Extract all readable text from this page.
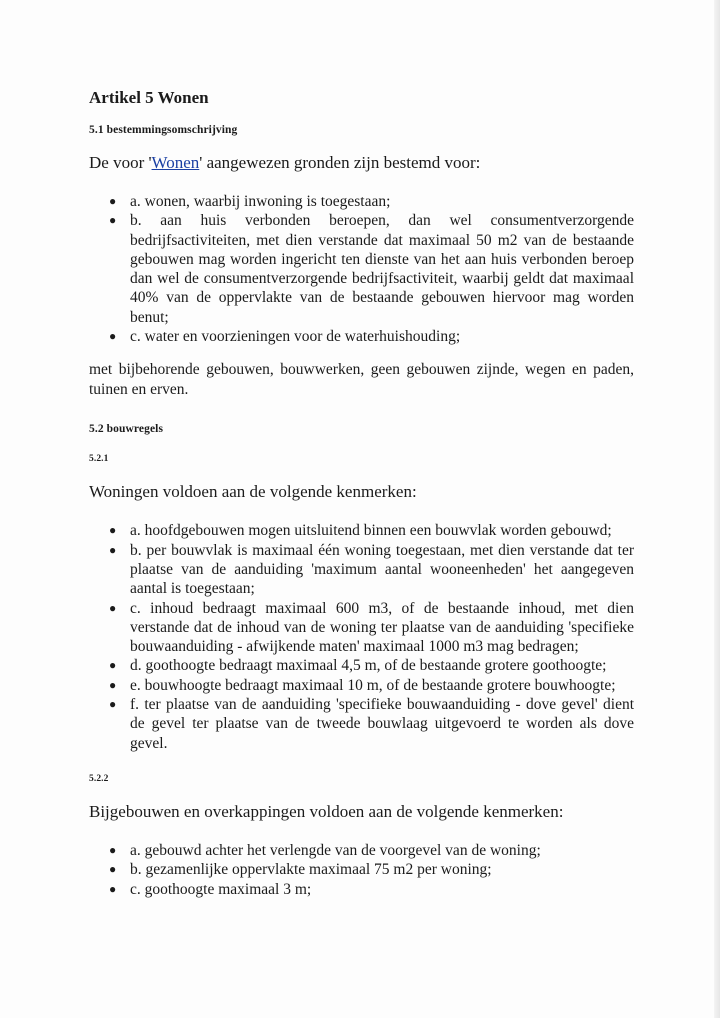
Artikel 5 Wonen
5.1 bestemmingsomschrijving
De voor 'Wonen' aangewezen gronden zijn bestemd voor:
● a. wonen, waarbij inwoning is toegestaan;
● b. aan huis verbonden beroepen, dan wel consumentverzorgende bedrijfsactiviteiten, met dien verstande dat maximaal 50 m2 van de bestaande gebouwen mag worden ingericht ten dienste van het aan huis verbonden beroep dan wel de consumentverzorgende bedrijfsactiviteit, waarbij geldt dat maximaal 40% van de oppervlakte van de bestaande gebouwen hiervoor mag worden benut;
● c. water en voorzieningen voor de waterhuishouding;
met bijbehorende gebouwen, bouwwerken, geen gebouwen zijnde, wegen en paden, tuinen en erven.
5.2 bouwregels
5.2.1
Woningen voldoen aan de volgende kenmerken:
● a. hoofdgebouwen mogen uitsluitend binnen een bouwvlak worden gebouwd;
● b. per bouwvlak is maximaal één woning toegestaan, met dien verstande dat ter plaatse van de aanduiding 'maximum aantal wooneenheden' het aangegeven aantal is toegestaan;
● c. inhoud bedraagt maximaal 600 m3, of de bestaande inhoud, met dien verstande dat de inhoud van de woning ter plaatse van de aanduiding 'specifieke bouwaanduiding - afwijkende maten' maximaal 1000 m3 mag bedragen;
● d. goothoogte bedraagt maximaal 4,5 m, of de bestaande grotere goothoogte;
● e. bouwhoogte bedraagt maximaal 10 m, of de bestaande grotere bouwhoogte;
● f. ter plaatse van de aanduiding 'specifieke bouwaanduiding - dove gevel' dient de gevel ter plaatse van de tweede bouwlaag uitgevoerd te worden als dove gevel.
5.2.2
Bijgebouwen en overkappingen voldoen aan de volgende kenmerken:
● a. gebouwd achter het verlengde van de voorgevel van de woning;
● b. gezamenlijke oppervlakte maximaal 75 m2 per woning;
● c. goothoogte maximaal 3 m;
